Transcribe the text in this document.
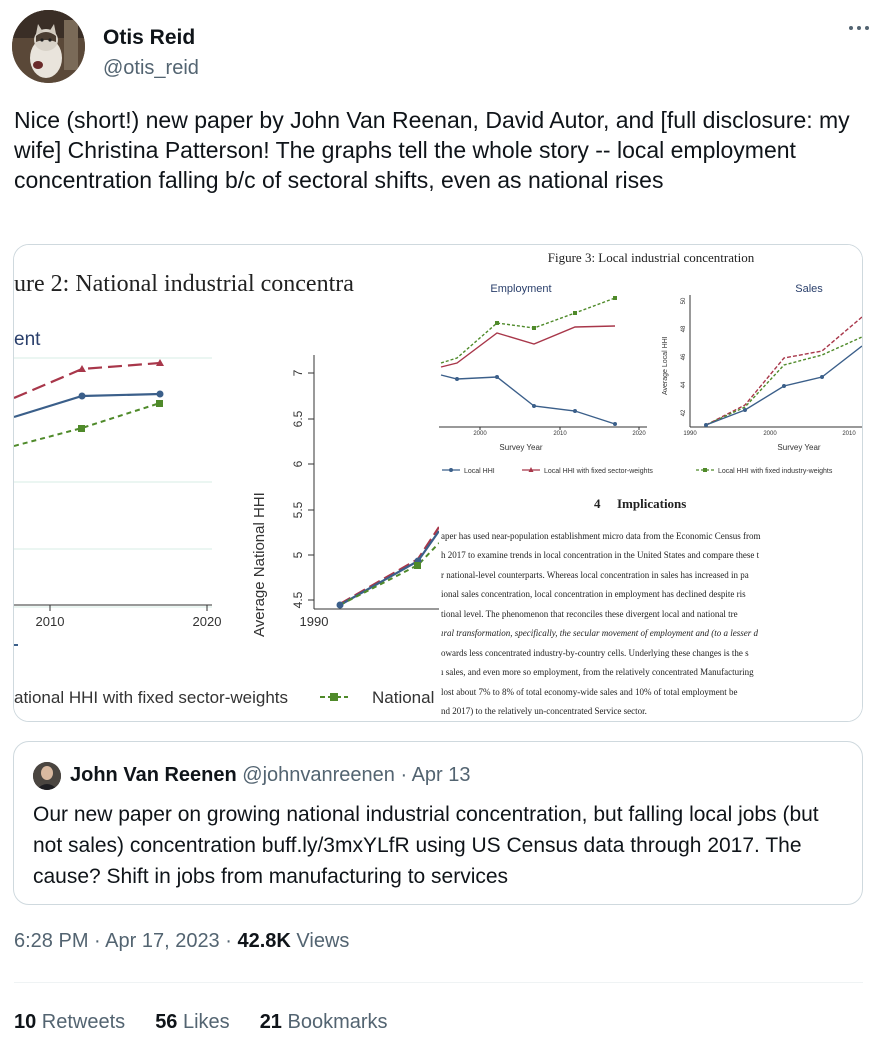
Otis Reid
@otis_reid
Nice (short!) new paper by John Van Reenan, David Autor, and [full disclosure: my wife] Christina Patterson! The graphs tell the whole story -- local employment concentration falling b/c of sectoral shifts, even as national rises
ure 2: National industrial concentra
ent
2010	2020 Average National HHI
7
6.5
6
5.5
5
4.5
1990
ational HHI with fixed sector-weights	National
Figure 3: Local industrial concentration
Employment
2000	2010	2020
Survey Year
Sales
Average Local HHI
50
48
46
44
42
1990	2000	2010
Survey Year
Local HHI	Local HHI with fixed sector-weights	Local HHI with fixed industry-weights
4 Implications
aper has used near-population establishment micro data from the Economic Census from
h 2017 to examine trends in local concentration in the United States and compare these t
r national-level counterparts. Whereas local concentration in sales has increased in pa
ional sales concentration, local concentration in employment has declined despite ris
tional level. The phenomenon that reconciles these divergent local and national tre
ıral transformation, specifically, the secular movement of employment and (to a lesser d
owards less concentrated industry-by-country cells. Underlying these changes is the s
ı sales, and even more so employment, from the relatively concentrated Manufacturing
lost about 7% to 8% of total economy-wide sales and 10% of total employment be
nd 2017) to the relatively un-concentrated Service sector.
John Van Reenen @johnvanreenen · Apr 13
Our new paper on growing national industrial concentration, but falling local jobs (but not sales) concentration buff.ly/3mxYLfR using US Census data through 2017. The cause? Shift in jobs from manufacturing to services
6:28 PM · Apr 17, 2023 · 42.8K Views
10 Retweets 56 Likes 21 Bookmarks
